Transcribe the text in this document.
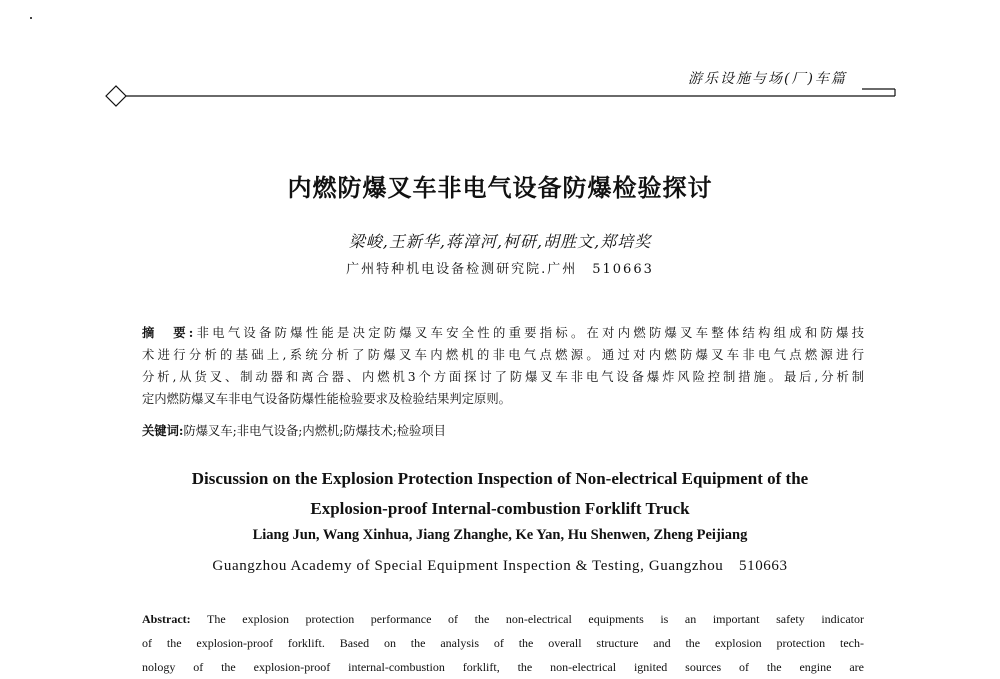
游乐设施与场(厂)车篇
内燃防爆叉车非电气设备防爆检验探讨
梁峻,王新华,蒋漳河,柯研,胡胜文,郑培奖
广州特种机电设备检测研究院.广州　510663
摘　要:非电气设备防爆性能是决定防爆叉车安全性的重要指标。在对内燃防爆叉车整体结构组成和防爆技
术进行分析的基础上,系统分析了防爆叉车内燃机的非电气点燃源。通过对内燃防爆叉车非电气点燃源进行
分析,从货叉、制动器和离合器、内燃机3个方面探讨了防爆叉车非电气设备爆炸风险控制措施。最后,分析制
定内燃防爆叉车非电气设备防爆性能检验要求及检验结果判定原则。
关键词:防爆叉车;非电气设备;内燃机;防爆技术;检验项目
Discussion on the Explosion Protection Inspection of Non-electrical Equipment of the
Explosion-proof Internal-combustion Forklift Truck
Liang Jun, Wang Xinhua, Jiang Zhanghe, Ke Yan, Hu Shenwen, Zheng Peijiang
Guangzhou Academy of Special Equipment Inspection & Testing, Guangzhou　510663
Abstract: The explosion protection performance of the non-electrical equipments is an important safety indicator
of the explosion-proof forklift. Based on the analysis of the overall structure and the explosion protection tech-
nology of the explosion-proof internal-combustion forklift, the non-electrical ignited sources of the engine are
